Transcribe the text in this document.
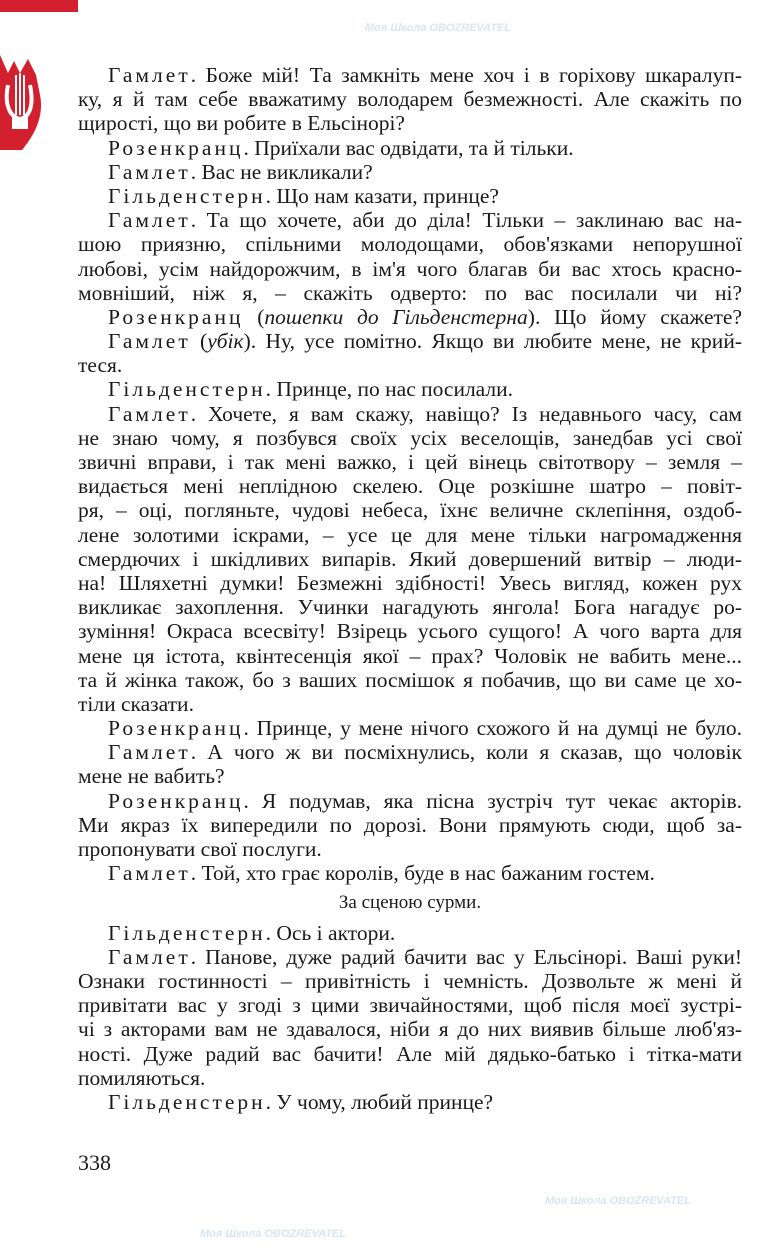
Моя Школа OBOZREVATEL
Моя Школа OBOZREVATEL
Моя Школа OBOZREVATEL
Гамлет. Боже мій! Та замкніть мене хоч і в горіхову шкаралуп-
ку, я й там себе вважатиму володарем безмежності. Але скажіть по
щирості, що ви робите в Ельсінорі?
Розенкранц. Приїхали вас одвідати, та й тільки.
Гамлет. Вас не викликали?
Гільденстерн. Що нам казати, принце?
Гамлет. Та що хочете, аби до діла! Тільки – заклинаю вас на-
шою приязню, спільними молодощами, обов'язками непорушної
любові, усім найдорожчим, в ім'я чого благав би вас хтось красно-
мовніший, ніж я, – скажіть одверто: по вас посилали чи ні?
Розенкранц (пошепки до Гільденстерна). Що йому скажете?
Гамлет (убік). Ну, усе помітно. Якщо ви любите мене, не крий-
теся.
Гільденстерн. Принце, по нас посилали.
Гамлет. Хочете, я вам скажу, навіщо? Із недавнього часу, сам
не знаю чому, я позбувся своїх усіх веселощів, занедбав усі свої
звичні вправи, і так мені важко, і цей вінець світотвору – земля –
видається мені неплідною скелею. Оце розкішне шатро – повіт-
ря, – оці, погляньте, чудові небеса, їхнє величне склепіння, оздоб-
лене золотими іскрами, – усе це для мене тільки нагромадження
смердючих і шкідливих випарів. Який довершений витвір – люди-
на! Шляхетні думки! Безмежні здібності! Увесь вигляд, кожен рух
викликає захоплення. Учинки нагадують янгола! Бога нагадує ро-
зуміння! Окраса всесвіту! Взірець усього сущого! А чого варта для
мене ця істота, квінтесенція якої – прах? Чоловік не вабить мене...
та й жінка також, бо з ваших посмішок я побачив, що ви саме це хо-
тіли сказати.
Розенкранц. Принце, у мене нічого схожого й на думці не було.
Гамлет. А чого ж ви посміхнулись, коли я сказав, що чоловік
мене не вабить?
Розенкранц. Я подумав, яка пісна зустріч тут чекає акторів.
Ми якраз їх випередили по дорозі. Вони прямують сюди, щоб за-
пропонувати свої послуги.
Гамлет. Той, хто грає королів, буде в нас бажаним гостем.
За сценою сурми.
Гільденстерн. Ось і актори.
Гамлет. Панове, дуже радий бачити вас у Ельсінорі. Ваші руки!
Ознаки гостинності – привітність і чемність. Дозвольте ж мені й
привітати вас у згоді з цими звичайностями, щоб після моєї зустрі-
чі з акторами вам не здавалося, ніби я до них виявив більше люб'яз-
ності. Дуже радий вас бачити! Але мій дядько-батько і тітка-мати
помиляються.
Гільденстерн. У чому, любий принце?
338
